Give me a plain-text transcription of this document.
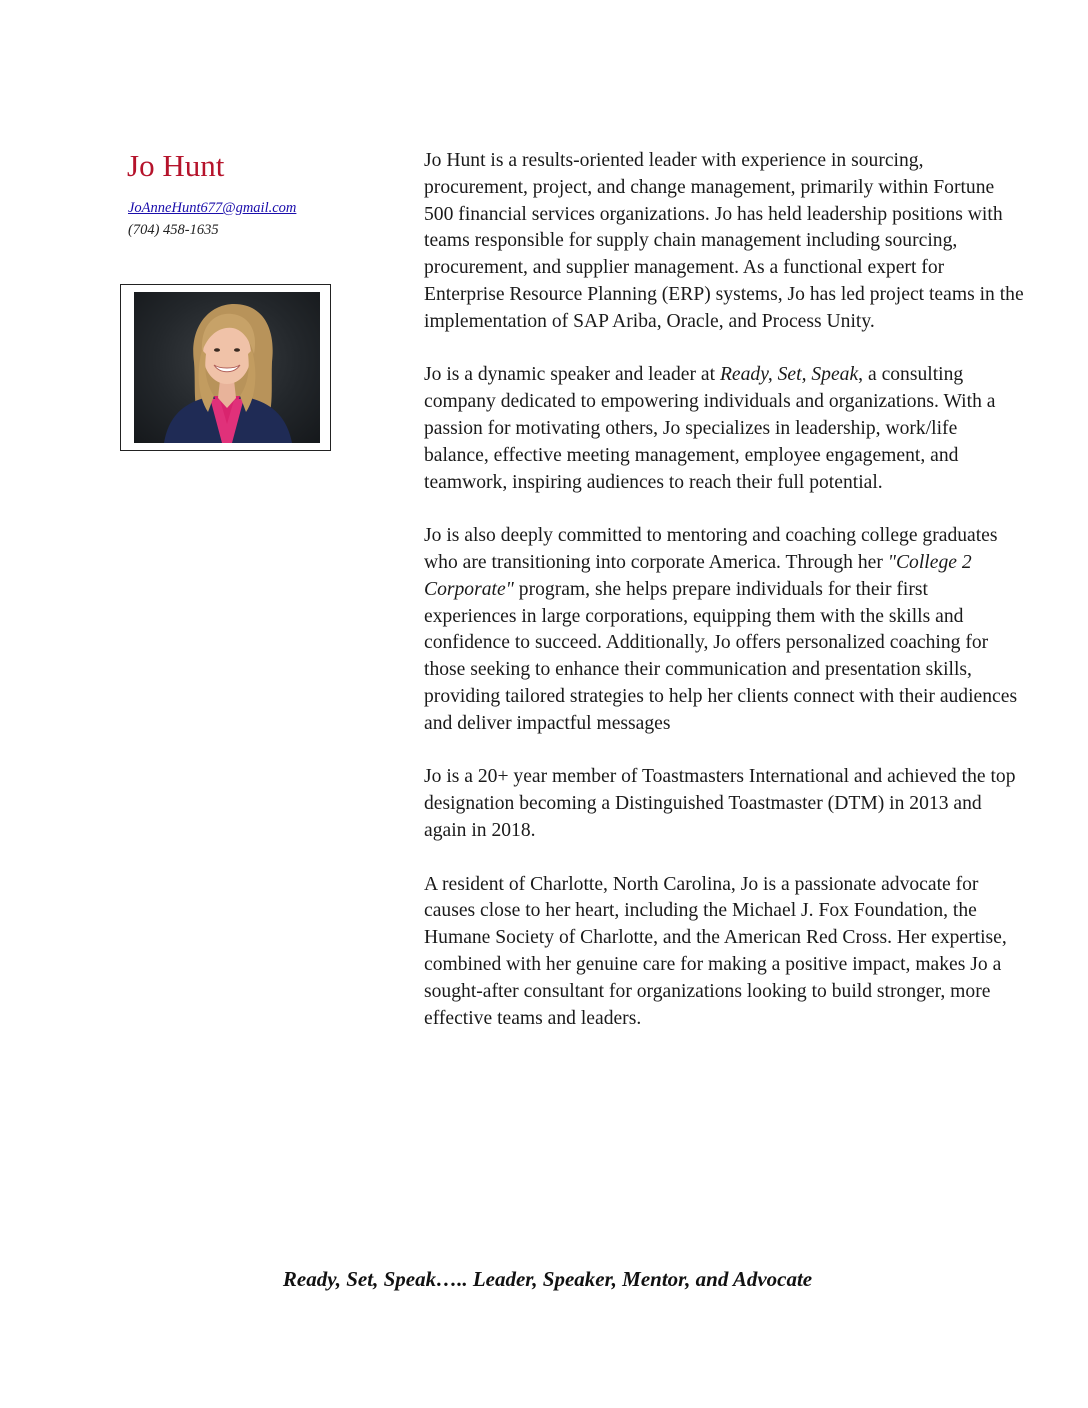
Jo Hunt
JoAnneHunt677@gmail.com
(704) 458-1635

Jo Hunt is a results-oriented leader with experience in sourcing, procurement, project, and change management, primarily within Fortune 500 financial services organizations. Jo has held leadership positions with teams responsible for supply chain management including sourcing, procurement, and supplier management. As a functional expert for Enterprise Resource Planning (ERP) systems, Jo has led project teams in the implementation of SAP Ariba, Oracle, and Process Unity.

Jo is a dynamic speaker and leader at Ready, Set, Speak, a consulting company dedicated to empowering individuals and organizations. With a passion for motivating others, Jo specializes in leadership, work/life balance, effective meeting management, employee engagement, and teamwork, inspiring audiences to reach their full potential.

Jo is also deeply committed to mentoring and coaching college graduates who are transitioning into corporate America. Through her "College 2 Corporate" program, she helps prepare individuals for their first experiences in large corporations, equipping them with the skills and confidence to succeed. Additionally, Jo offers personalized coaching for those seeking to enhance their communication and presentation skills, providing tailored strategies to help her clients connect with their audiences and deliver impactful messages

Jo is a 20+ year member of Toastmasters International and achieved the top designation becoming a Distinguished Toastmaster (DTM) in 2013 and again in 2018.

A resident of Charlotte, North Carolina, Jo is a passionate advocate for causes close to her heart, including the Michael J. Fox Foundation, the Humane Society of Charlotte, and the American Red Cross. Her expertise, combined with her genuine care for making a positive impact, makes Jo a sought-after consultant for organizations looking to build stronger, more effective teams and leaders.

Ready, Set, Speak….. Leader, Speaker, Mentor, and Advocate
